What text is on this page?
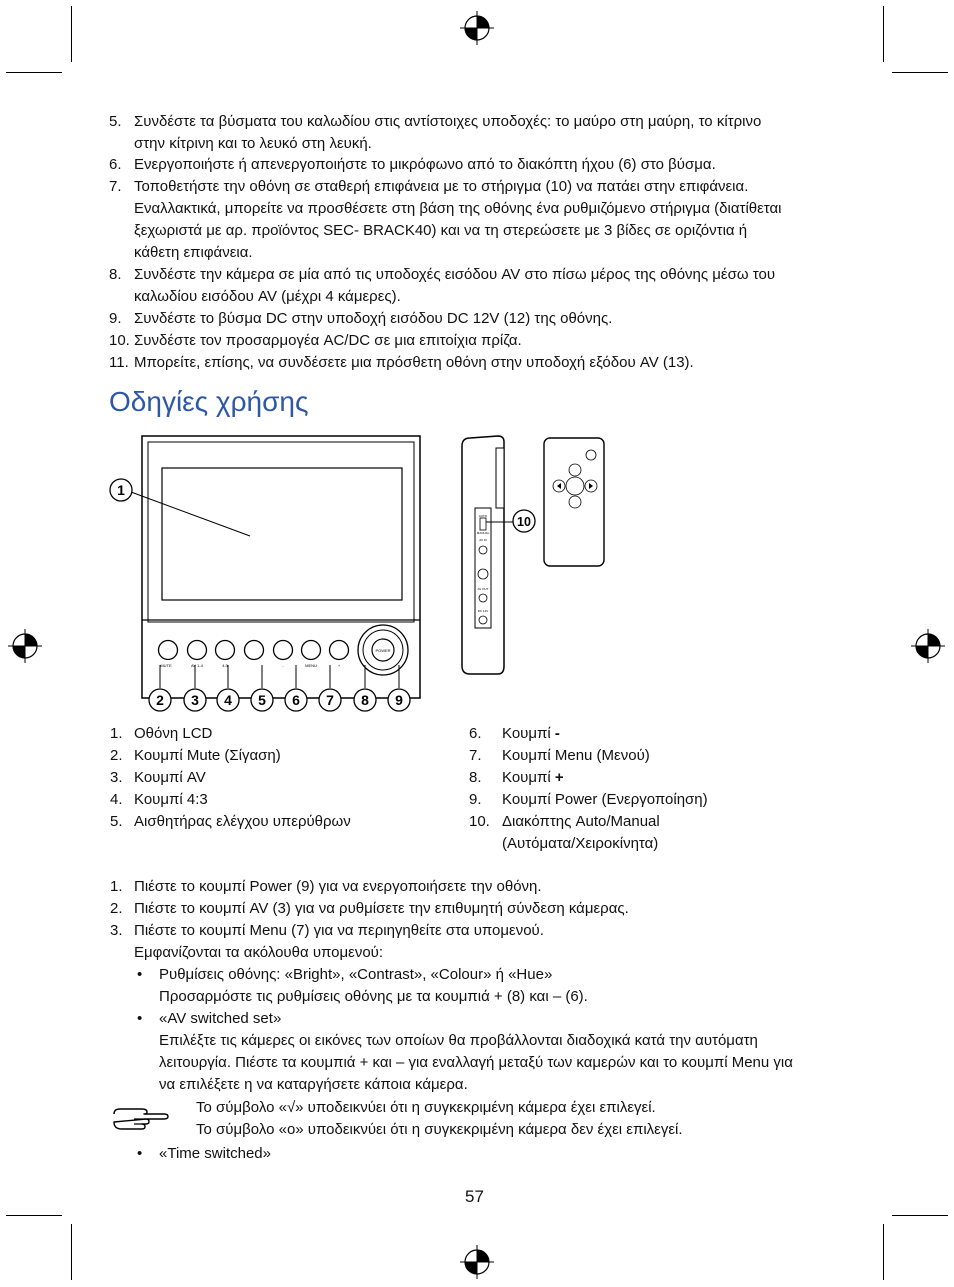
5. Συνδέστε τα βύσματα του καλωδίου στις αντίστοιχες υποδοχές: το μαύρο στη μαύρη, το κίτρινο
στην κίτρινη και το λευκό στη λευκή.
6. Ενεργοποιήστε ή απενεργοποιήστε το μικρόφωνο από το διακόπτη ήχου (6) στο βύσμα.
7. Τοποθετήστε την οθόνη σε σταθερή επιφάνεια με το στήριγμα (10) να πατάει στην επιφάνεια.
Εναλλακτικά, μπορείτε να προσθέσετε στη βάση της οθόνης ένα ρυθμιζόμενο στήριγμα (διατίθεται
ξεχωριστά με αρ. προϊόντος SEC- BRACK40) και να τη στερεώσετε με 3 βίδες σε οριζόντια ή
κάθετη επιφάνεια.
8. Συνδέστε την κάμερα σε μία από τις υποδοχές εισόδου AV στο πίσω μέρος της οθόνης μέσω του
καλωδίου εισόδου AV (μέχρι 4 κάμερες).
9. Συνδέστε το βύσμα DC στην υποδοχή εισόδου DC 12V (12) της οθόνης.
10. Συνδέστε τον προσαρμογέα AC/DC σε μια επιτοίχια πρίζα.
11. Μπορείτε, επίσης, να συνδέσετε μια πρόσθετη οθόνη στην υποδοχή εξόδου AV (13).
Οδηγίες χρήσης
POWER
MUTE	AV 1-4	4:3	-	MENU	+
1
2 3 4 5 6 7 8 9
AUTO
MANUAL
AV IN
AV OUT
DC 12V
10
1. Οθόνη LCD
2. Κουμπί Mute (Σίγαση)
3. Κουμπί AV
4. Κουμπί 4:3
5. Αισθητήρας ελέγχου υπερύθρων
6. Κουμπί -
7. Κουμπί Menu (Μενού)
8. Κουμπί +
9. Κουμπί Power (Ενεργοποίηση)
10. Διακόπτης Auto/Manual
(Αυτόματα/Χειροκίνητα)
1. Πιέστε το κουμπί Power (9) για να ενεργοποιήσετε την οθόνη.
2. Πιέστε το κουμπί AV (3) για να ρυθμίσετε την επιθυμητή σύνδεση κάμερας.
3. Πιέστε το κουμπί Menu (7) για να περιηγηθείτε στα υπομενού.
Εμφανίζονται τα ακόλουθα υπομενού:
• Ρυθμίσεις οθόνης: «Bright», «Contrast», «Colour» ή «Hue»
Προσαρμόστε τις ρυθμίσεις οθόνης με τα κουμπιά + (8) και – (6).
• «AV switched set»
Επιλέξτε τις κάμερες οι εικόνες των οποίων θα προβάλλονται διαδοχικά κατά την αυτόματη
λειτουργία. Πιέστε τα κουμπιά + και – για εναλλαγή μεταξύ των καμερών και το κουμπί Menu για
να επιλέξετε η να καταργήσετε κάποια κάμερα.
Το σύμβολο «√» υποδεικνύει ότι η συγκεκριμένη κάμερα έχει επιλεγεί.
Το σύμβολο «ο» υποδεικνύει ότι η συγκεκριμένη κάμερα δεν έχει επιλεγεί.
• «Time switched»
57
